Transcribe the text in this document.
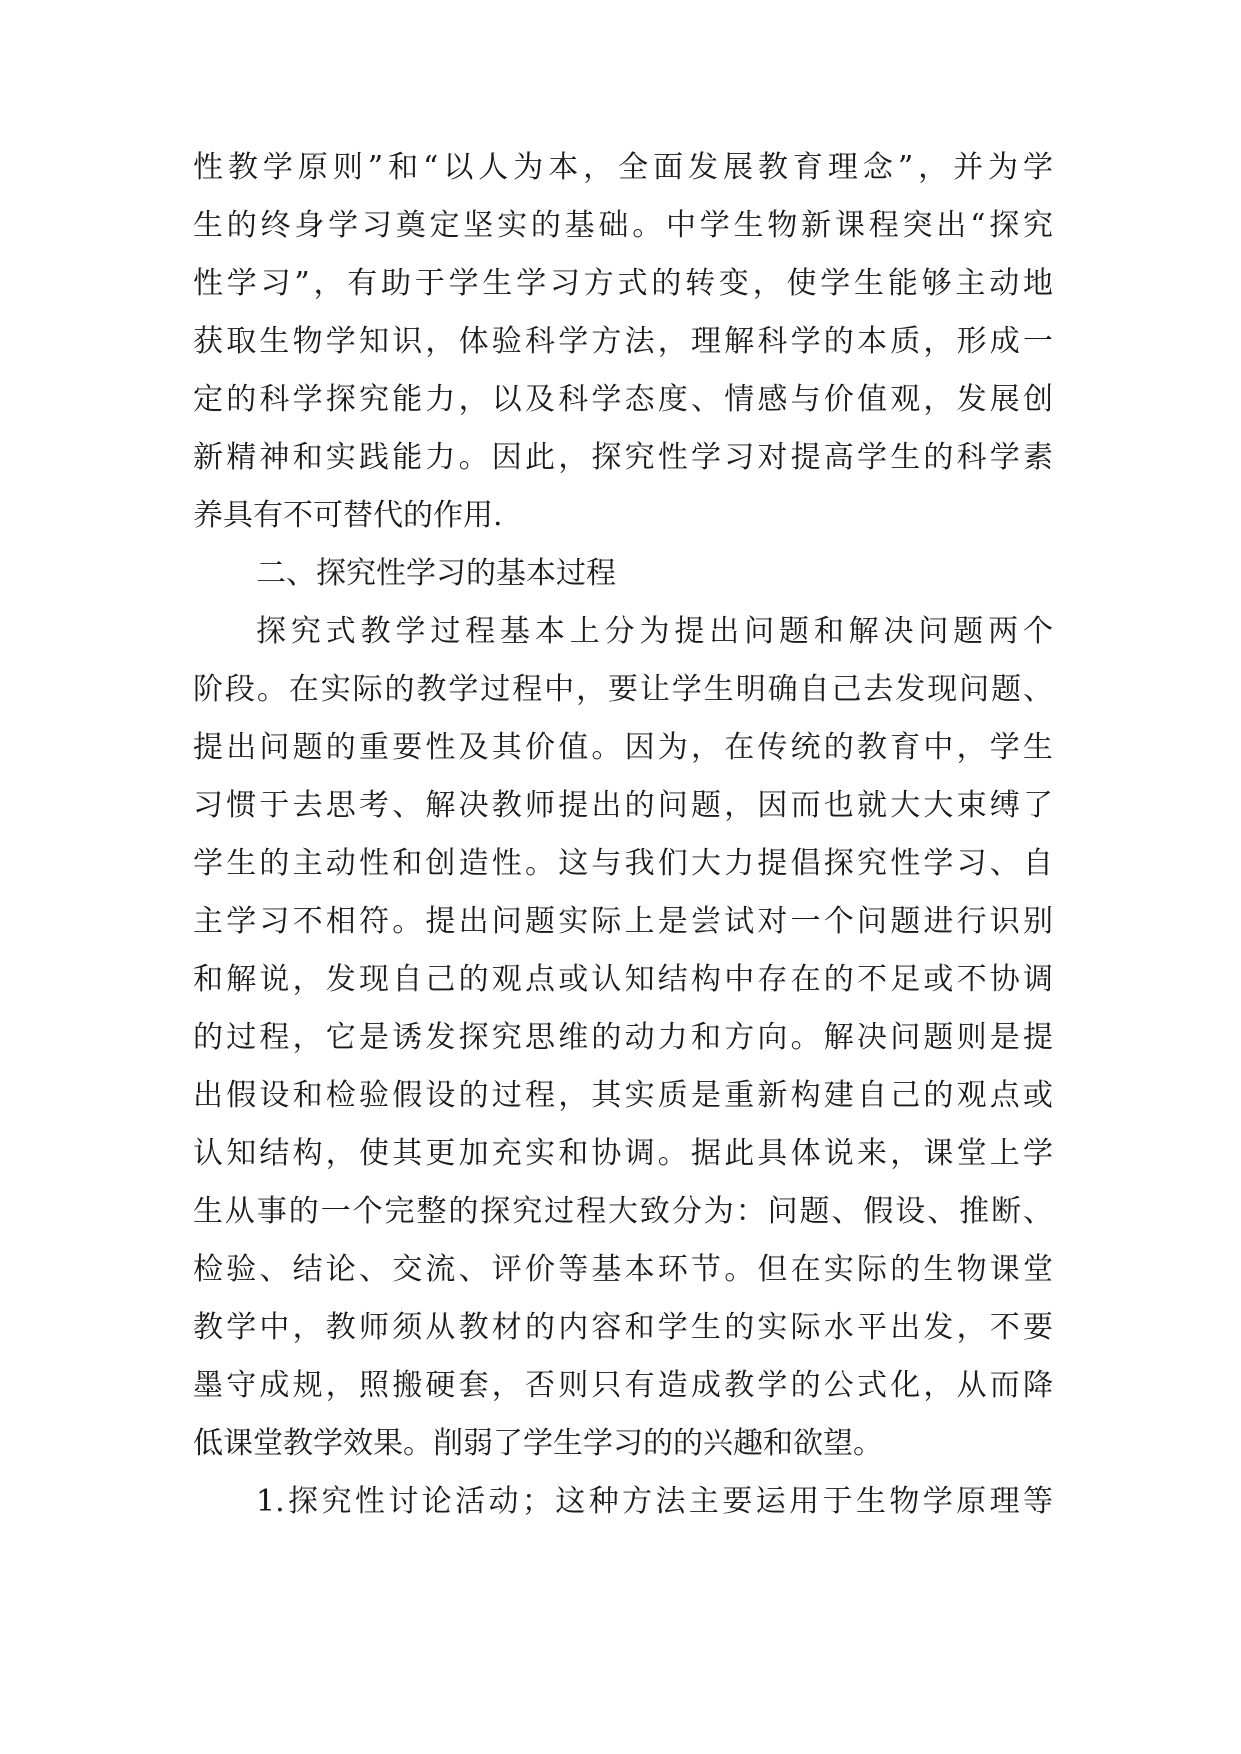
性教学原则”和“以人为本，全面发展教育理念”，并为学
生的终身学习奠定坚实的基础。中学生物新课程突出“探究
性学习”，有助于学生学习方式的转变，使学生能够主动地
获取生物学知识，体验科学方法，理解科学的本质，形成一
定的科学探究能力，以及科学态度、情感与价值观，发展创
新精神和实践能力。因此，探究性学习对提高学生的科学素
养具有不可替代的作用.
二、探究性学习的基本过程
探究式教学过程基本上分为提出问题和解决问题两个
阶段。在实际的教学过程中，要让学生明确自己去发现问题、
提出问题的重要性及其价值。因为，在传统的教育中，学生
习惯于去思考、解决教师提出的问题，因而也就大大束缚了
学生的主动性和创造性。这与我们大力提倡探究性学习、自
主学习不相符。提出问题实际上是尝试对一个问题进行识别
和解说，发现自己的观点或认知结构中存在的不足或不协调
的过程，它是诱发探究思维的动力和方向。解决问题则是提
出假设和检验假设的过程，其实质是重新构建自己的观点或
认知结构，使其更加充实和协调。据此具体说来，课堂上学
生从事的一个完整的探究过程大致分为：问题、假设、推断、
检验、结论、交流、评价等基本环节。但在实际的生物课堂
教学中，教师须从教材的内容和学生的实际水平出发，不要
墨守成规，照搬硬套，否则只有造成教学的公式化，从而降
低课堂教学效果。削弱了学生学习的的兴趣和欲望。
1.探究性讨论活动；这种方法主要运用于生物学原理等
